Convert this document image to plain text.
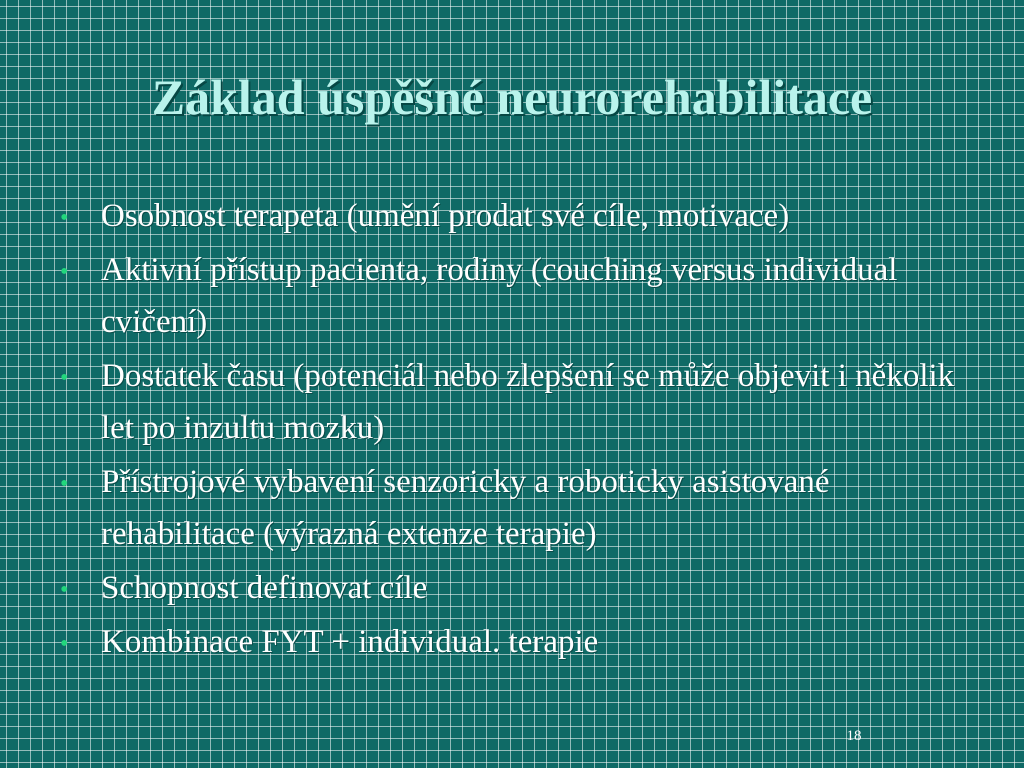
Základ úspěšné neurorehabilitace
• Osobnost terapeta (umění prodat své cíle, motivace)
• Aktivní přístup pacienta, rodiny (couching versus individual cvičení)
• Dostatek času (potenciál nebo zlepšení se může objevit i několik let po inzultu mozku)
• Přístrojové vybavení senzoricky a roboticky asistované rehabilitace (výrazná extenze terapie)
• Schopnost definovat cíle
• Kombinace FYT + individual. terapie
18
